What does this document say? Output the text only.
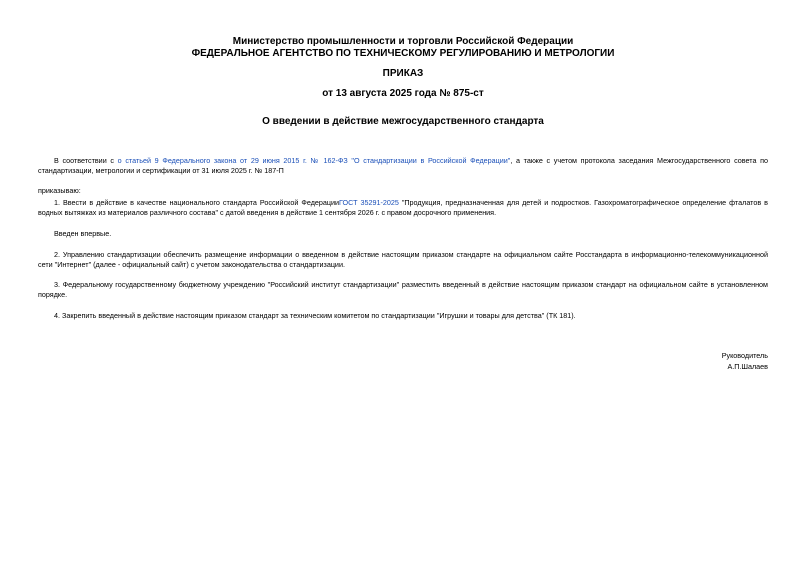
Министерство промышленности и торговли Российской Федерации
ФЕДЕРАЛЬНОЕ АГЕНТСТВО ПО ТЕХНИЧЕСКОМУ РЕГУЛИРОВАНИЮ И МЕТРОЛОГИИ
ПРИКАЗ
от 13 августа 2025 года № 875-ст
О введении в действие межгосударственного стандарта
В соответствии с о статьей 9 Федерального закона от 29 июня 2015 г. № 162-ФЗ "О стандартизации в Российской Федерации", а также с учетом протокола заседания Межгосударственного совета по стандартизации, метрологии и сертификации от 31 июля 2025 г. № 187-П
приказываю:
1. Ввести в действие в качестве национального стандарта Российской ФедерацииГОСТ 35291-2025 "Продукция, предназначенная для детей и подростков. Газохроматографическое определение фталатов в водных вытяжках из материалов различного состава" с датой введения в действие 1 сентября 2026 г. с правом досрочного применения.
Введен впервые.
2. Управлению стандартизации обеспечить размещение информации о введенном в действие настоящим приказом стандарте на официальном сайте Росстандарта в информационно-телекоммуникационной сети "Интернет" (далее - официальный сайт) с учетом законодательства о стандартизации.
3. Федеральному государственному бюджетному учреждению "Российский институт стандартизации" разместить введенный в действие настоящим приказом стандарт на официальном сайте в установленном порядке.
4. Закрепить введенный в действие настоящим приказом стандарт за техническим комитетом по стандартизации "Игрушки и товары для детства" (ТК 181).
Руководитель
А.П.Шалаев
